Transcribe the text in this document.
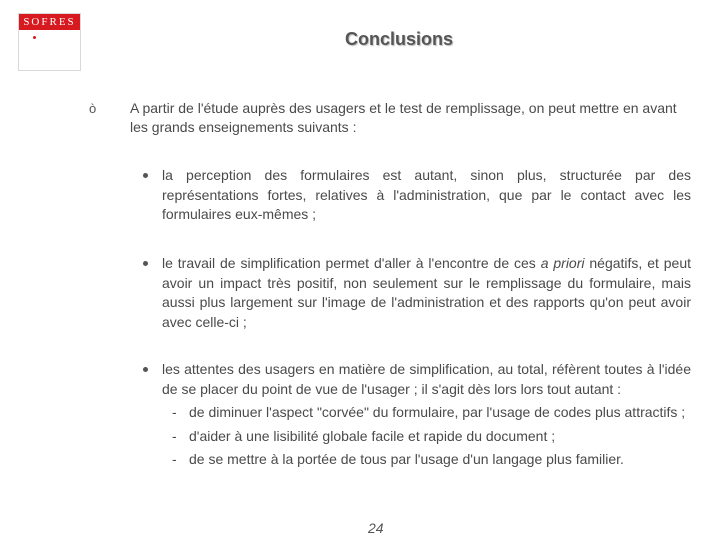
SOFRES
Conclusions
ò A partir de l'étude auprès des usagers et le test de remplissage, on peut mettre en avant les grands enseignements suivants :
la perception des formulaires est autant, sinon plus, structurée par des représentations fortes, relatives à l'administration, que par le contact avec les formulaires eux-mêmes ;
le travail de simplification permet d'aller à l'encontre de ces a priori négatifs, et peut avoir un impact très positif, non seulement sur le remplissage du formulaire, mais aussi plus largement sur l'image de l'administration et des rapports qu'on peut avoir avec celle-ci ;
les attentes des usagers en matière de simplification, au total, réfèrent toutes à l'idée de se placer du point de vue de l'usager ; il s'agit dès lors lors tout autant :
- de diminuer l'aspect "corvée" du formulaire, par l'usage de codes plus attractifs ;
- d'aider à une lisibilité globale facile et rapide du document ;
- de se mettre à la portée de tous par l'usage d'un langage plus familier.
24
